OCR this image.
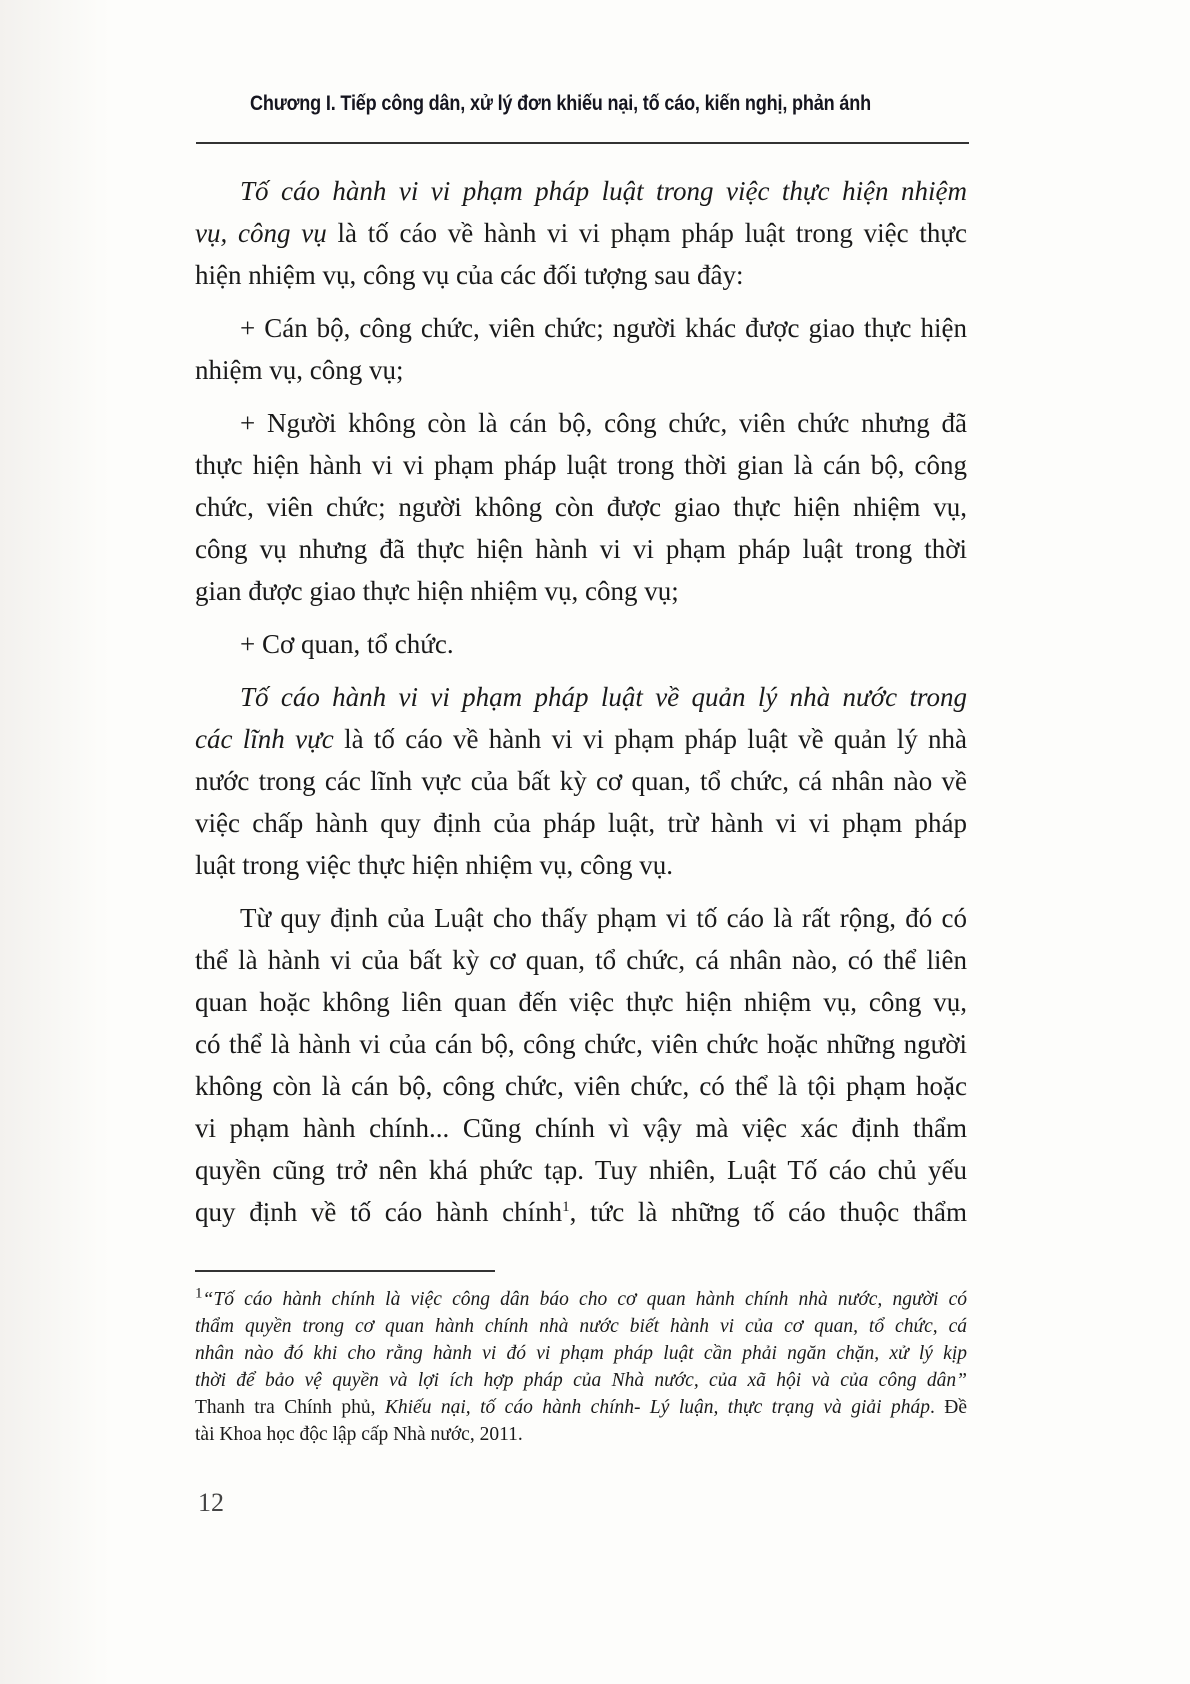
Chương I. Tiếp công dân, xử lý đơn khiếu nại, tố cáo, kiến nghị, phản ánh
Tố cáo hành vi vi phạm pháp luật trong việc thực hiện nhiệm
vụ, công vụ là tố cáo về hành vi vi phạm pháp luật trong việc thực
hiện nhiệm vụ, công vụ của các đối tượng sau đây:
+ Cán bộ, công chức, viên chức; người khác được giao thực hiện
nhiệm vụ, công vụ;
+ Người không còn là cán bộ, công chức, viên chức nhưng đã
thực hiện hành vi vi phạm pháp luật trong thời gian là cán bộ, công
chức, viên chức; người không còn được giao thực hiện nhiệm vụ,
công vụ nhưng đã thực hiện hành vi vi phạm pháp luật trong thời
gian được giao thực hiện nhiệm vụ, công vụ;
+ Cơ quan, tổ chức.
Tố cáo hành vi vi phạm pháp luật về quản lý nhà nước trong
các lĩnh vực là tố cáo về hành vi vi phạm pháp luật về quản lý nhà
nước trong các lĩnh vực của bất kỳ cơ quan, tổ chức, cá nhân nào về
việc chấp hành quy định của pháp luật, trừ hành vi vi phạm pháp
luật trong việc thực hiện nhiệm vụ, công vụ.
Từ quy định của Luật cho thấy phạm vi tố cáo là rất rộng, đó có
thể là hành vi của bất kỳ cơ quan, tổ chức, cá nhân nào, có thể liên
quan hoặc không liên quan đến việc thực hiện nhiệm vụ, công vụ,
có thể là hành vi của cán bộ, công chức, viên chức hoặc những người
không còn là cán bộ, công chức, viên chức, có thể là tội phạm hoặc
vi phạm hành chính... Cũng chính vì vậy mà việc xác định thẩm
quyền cũng trở nên khá phức tạp. Tuy nhiên, Luật Tố cáo chủ yếu
quy định về tố cáo hành chính$^1$, tức là những tố cáo thuộc thẩm
$^1$“Tố cáo hành chính là việc công dân báo cho cơ quan hành chính nhà nước, người có
thẩm quyền trong cơ quan hành chính nhà nước biết hành vi của cơ quan, tổ chức, cá
nhân nào đó khi cho rằng hành vi đó vi phạm pháp luật cần phải ngăn chặn, xử lý kịp
thời để bảo vệ quyền và lợi ích hợp pháp của Nhà nước, của xã hội và của công dân”
Thanh tra Chính phủ, Khiếu nại, tố cáo hành chính- Lý luận, thực trạng và giải pháp. Đề
tài Khoa học độc lập cấp Nhà nước, 2011.
12
